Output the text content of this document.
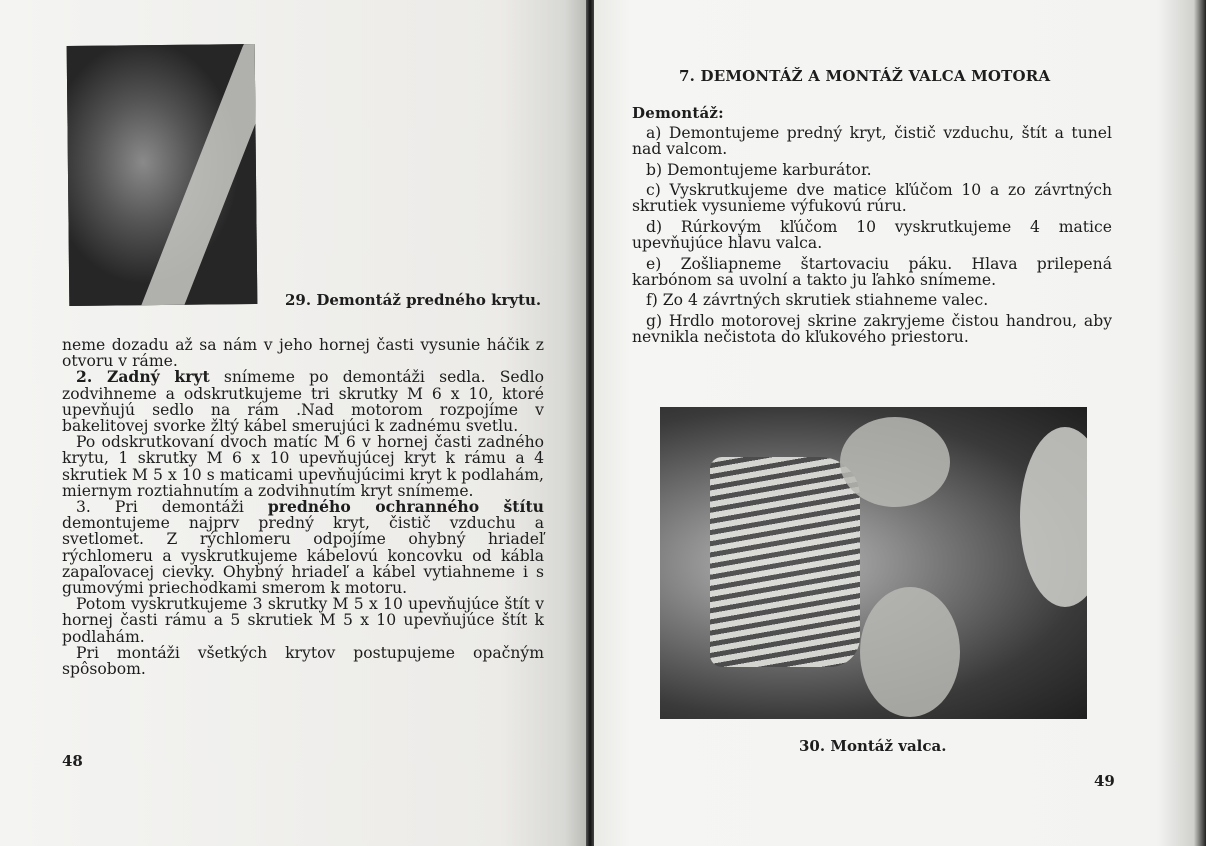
29. Demontáž predného krytu.

neme dozadu až sa nám v jeho hornej časti vysunie háčik z otvoru v ráme.

2. Zadný kryt snímeme po demontáži sedla. Sedlo zodvihneme a odskrutkujeme tri skrutky M 6 x 10, ktoré upevňujú sedlo na rám .Nad motorom rozpojíme v bakelitovej svorke žltý kábel smerujúci k zadnému svetlu.

Po odskrutkovaní dvoch matíc M 6 v hornej časti zadného krytu, 1 skrutky M 6 x 10 upevňujúcej kryt k rámu a 4 skrutiek M 5 x 10 s maticami upevňujúcimi kryt k podlahám, miernym roztiahnutím a zodvihnutím kryt snímeme.

3. Pri demontáži predného ochranného štítu demontujeme najprv predný kryt, čistič vzduchu a svetlomet. Z rýchlomeru odpojíme ohybný hriadeľ rýchlomeru a vyskrutkujeme kábelovú koncovku od kábla zapaľovacej cievky. Ohybný hriadeľ a kábel vytiahneme i s gumovými priechodkami smerom k motoru.

Potom vyskrutkujeme 3 skrutky M 5 x 10 upevňujúce štít v hornej časti rámu a 5 skrutiek M 5 x 10 upevňujúce štít k podlahám.

Pri montáži všetkých krytov postupujeme opačným spôsobom.

48
7. DEMONTÁŽ A MONTÁŽ VALCA MOTORA
Demontáž:

a) Demontujeme predný kryt, čistič vzduchu, štít a tunel nad valcom.

b) Demontujeme karburátor.

c) Vyskrutkujeme dve matice kľúčom 10 a zo závrtných skrutiek vysunieme výfukovú rúru.

d) Rúrkovým kľúčom 10 vyskrutkujeme 4 matice upevňujúce hlavu valca.

e) Zošliapneme štartovaciu páku. Hlava prilepená karbónom sa uvolní a takto ju ľahko snímeme.

f) Zo 4 závrtných skrutiek stiahneme valec.

g) Hrdlo motorovej skrine zakryjeme čistou handrou, aby nevnikla nečistota do kľukového priestoru.

30. Montáž valca.
49
